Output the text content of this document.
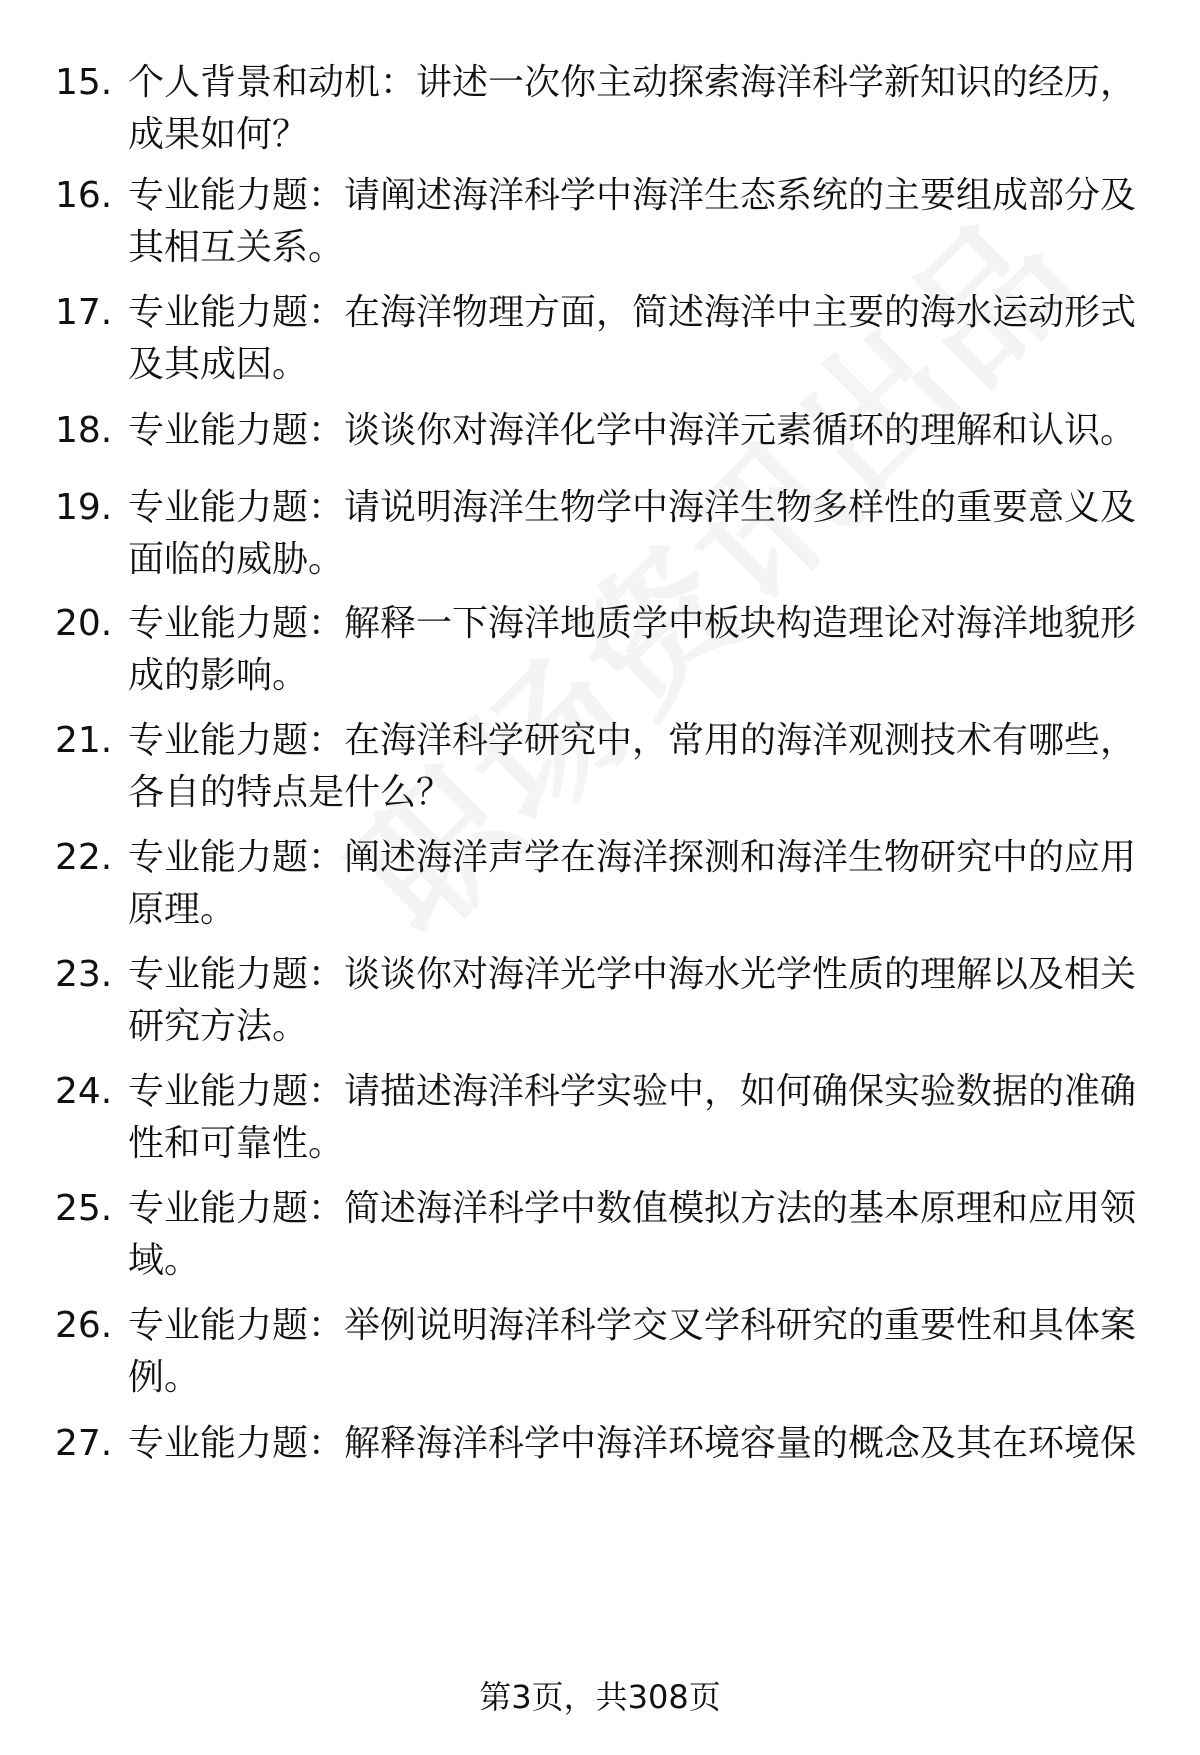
15. 个人背景和动机：讲述一次你主动探索海洋科学新知识的经历，成果如何？
16. 专业能力题：请阐述海洋科学中海洋生态系统的主要组成部分及其相互关系。
17. 专业能力题：在海洋物理方面，简述海洋中主要的海水运动形式及其成因。
18. 专业能力题：谈谈你对海洋化学中海洋元素循环的理解和认识。
19. 专业能力题：请说明海洋生物学中海洋生物多样性的重要意义及面临的威胁。
20. 专业能力题：解释一下海洋地质学中板块构造理论对海洋地貌形成的影响。
21. 专业能力题：在海洋科学研究中，常用的海洋观测技术有哪些，各自的特点是什么？
22. 专业能力题：阐述海洋声学在海洋探测和海洋生物研究中的应用原理。
23. 专业能力题：谈谈你对海洋光学中海水光学性质的理解以及相关研究方法。
24. 专业能力题：请描述海洋科学实验中，如何确保实验数据的准确性和可靠性。
25. 专业能力题：简述海洋科学中数值模拟方法的基本原理和应用领域。
26. 专业能力题：举例说明海洋科学交叉学科研究的重要性和具体案例。
27. 专业能力题：解释海洋科学中海洋环境容量的概念及其在环境保
第3页，共308页
